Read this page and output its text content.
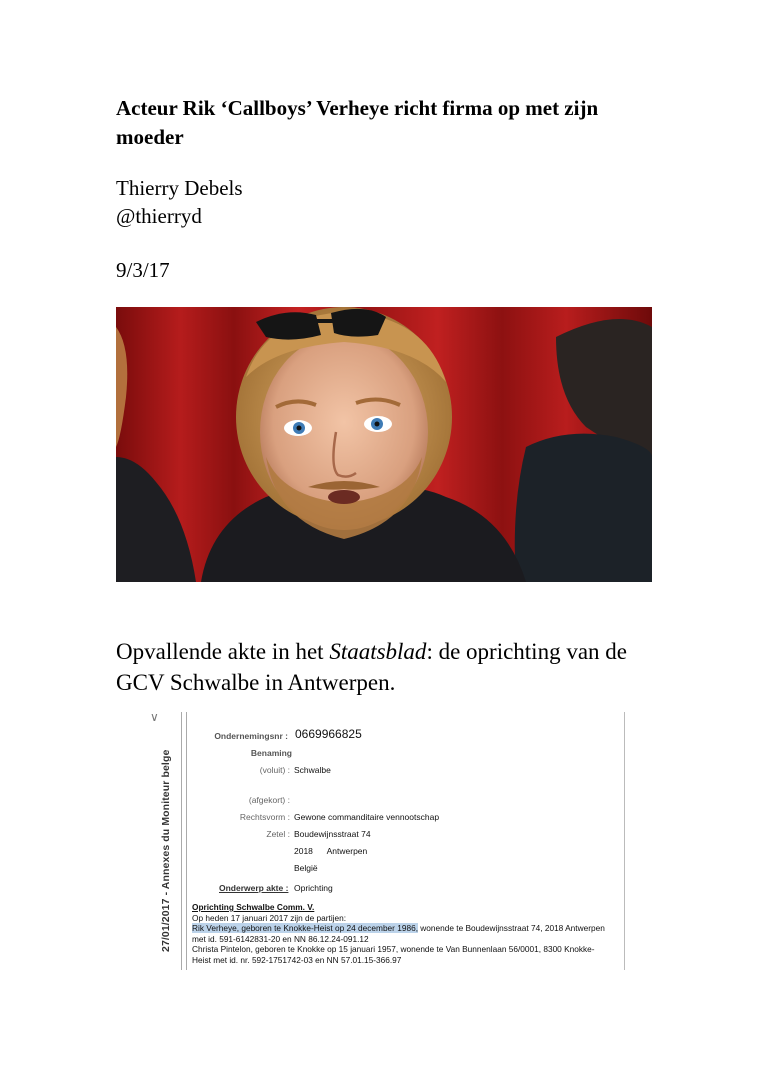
Acteur Rik ‘Callboys’ Verheye richt firma op met zijn moeder

Thierry Debels

@thierryd

9/3/17

Opvallende akte in het Staatsblad: de oprichting van de GCV Schwalbe in Antwerpen.

∨
27/01/2017 - Annexes du Moniteur belge
Ondernemingsnr : 0669966825
Benaming
(voluit) : Schwalbe
(afgekort) :
Rechtsvorm : Gewone commanditaire vennootschap
Zetel : Boudewijnsstraat 74
2018      Antwerpen
België
Onderwerp akte : Oprichting
Oprichting Schwalbe Comm. V.
Op heden 17 januari 2017 zijn de partijen:
Rik Verheye, geboren te Knokke-Heist op 24 december 1986, wonende te Boudewijnsstraat 74, 2018 Antwerpen
met id. 591-6142831-20 en NN 86.12.24-091.12
Christa Pintelon, geboren te Knokke op 15 januari 1957, wonende te Van Bunnenlaan 56/0001, 8300 Knokke-
Heist met id. nr. 592-1751742-03 en NN 57.01.15-366.97
